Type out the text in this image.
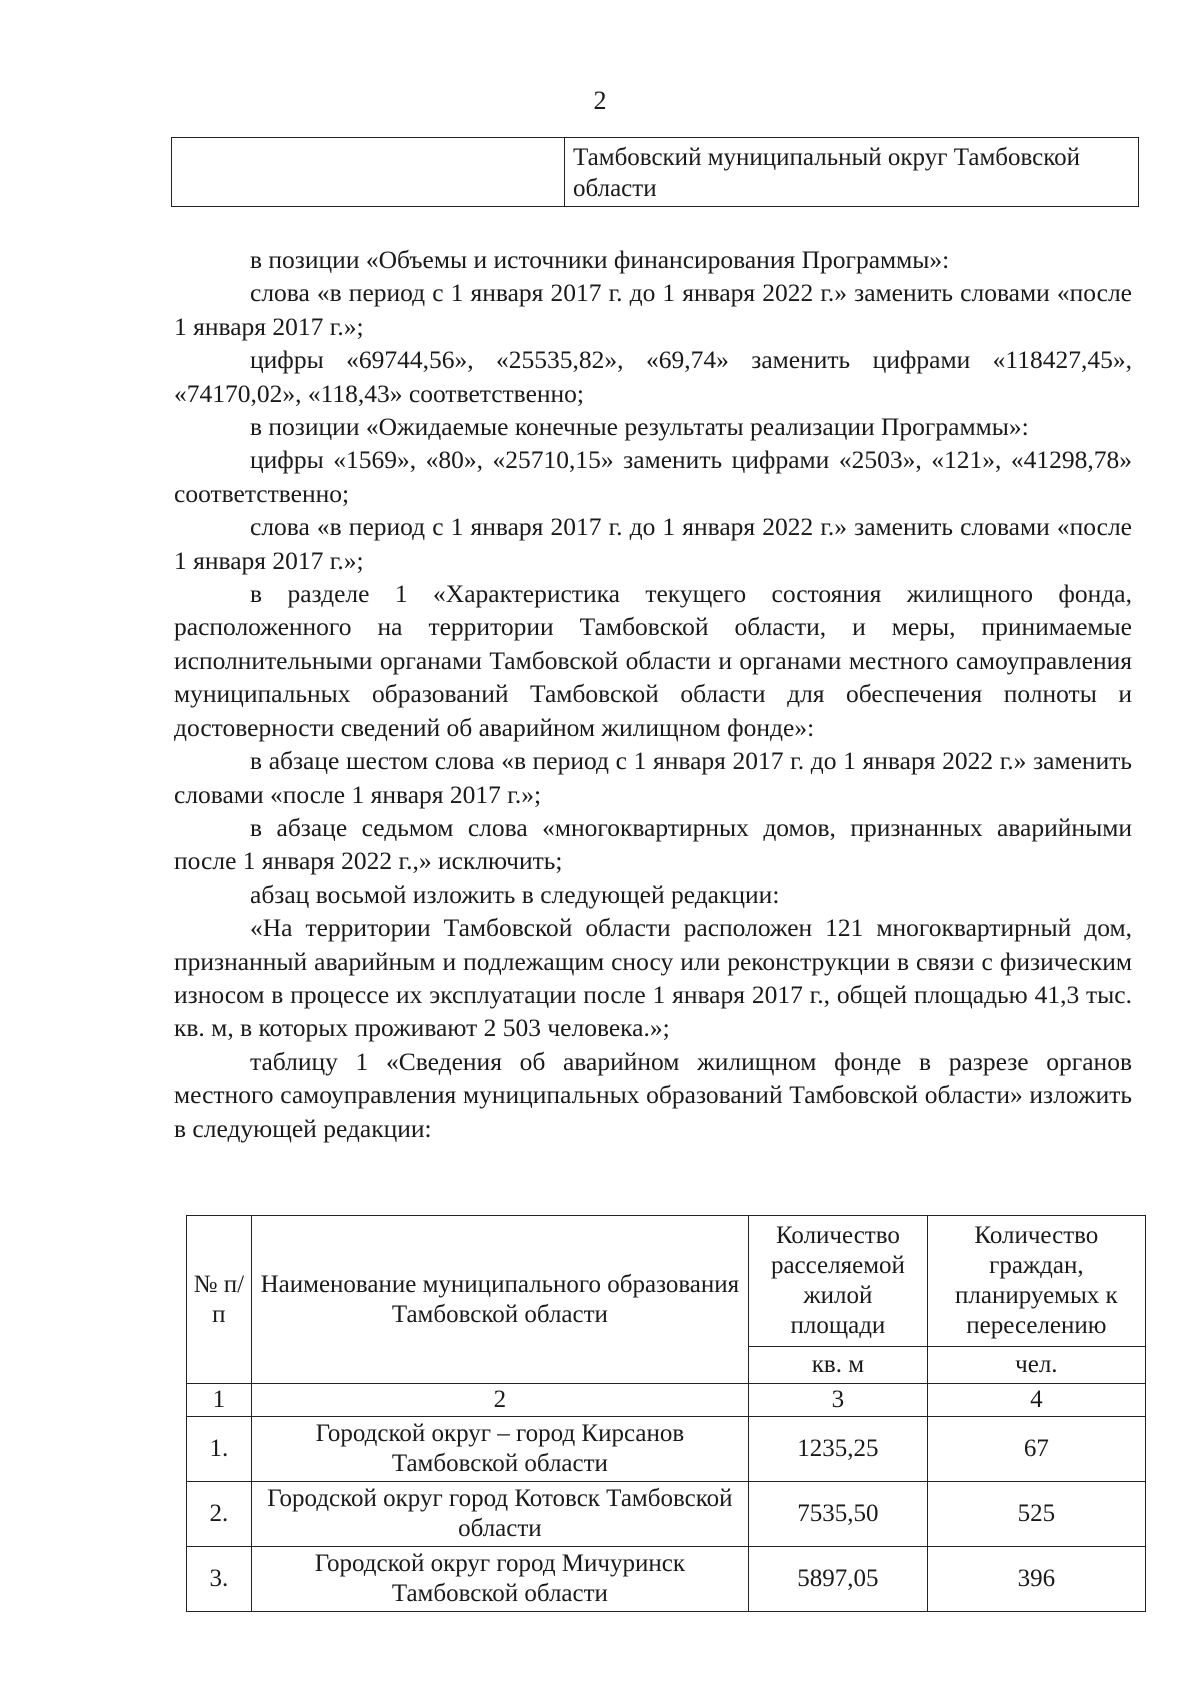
2
	Тамбовский муниципальный округ Тамбовской области

в позиции «Объемы и источники финансирования Программы»:

слова «в период с 1 января 2017 г. до 1 января 2022 г.» заменить словами «после 1 января 2017 г.»;

цифры «69744,56», «25535,82», «69,74» заменить цифрами «118427,45», «74170,02», «118,43» соответственно;

в позиции «Ожидаемые конечные результаты реализации Программы»:

цифры «1569», «80», «25710,15» заменить цифрами «2503», «121», «41298,78» соответственно;

слова «в период с 1 января 2017 г. до 1 января 2022 г.» заменить словами «после 1 января 2017 г.»;

в разделе 1 «Характеристика текущего состояния жилищного фонда, расположенного на территории Тамбовской области, и меры, принимаемые исполнительными органами Тамбовской области и органами местного самоуправления муниципальных образований Тамбовской области для обеспечения полноты и достоверности сведений об аварийном жилищном фонде»:

в абзаце шестом слова «в период с 1 января 2017 г. до 1 января 2022 г.» заменить словами «после 1 января 2017 г.»;

в абзаце седьмом слова «многоквартирных домов, признанных аварийными после 1 января 2022 г.,» исключить;

абзац восьмой изложить в следующей редакции:

«На территории Тамбовской области расположен 121 многоквартирный дом, признанный аварийным и подлежащим сносу или реконструкции в связи с физическим износом в процессе их эксплуатации после 1 января 2017 г., общей площадью 41,3 тыс. кв. м, в которых проживают 2 503 человека.»;

таблицу 1 «Сведения об аварийном жилищном фонде в разрезе органов местного самоуправления муниципальных образований Тамбовской области» изложить в следующей редакции:

№ п/п	Наименование муниципального образования Тамбовской области	Количество расселяемой жилой площади	Количество граждан, планируемых к переселению
		кв. м	чел.
1	2	3	4
1.	Городской округ – город Кирсанов Тамбовской области	1235,25	67
2.	Городской округ город Котовск Тамбовской области	7535,50	525
3.	Городской округ город Мичуринск Тамбовской области	5897,05	396
